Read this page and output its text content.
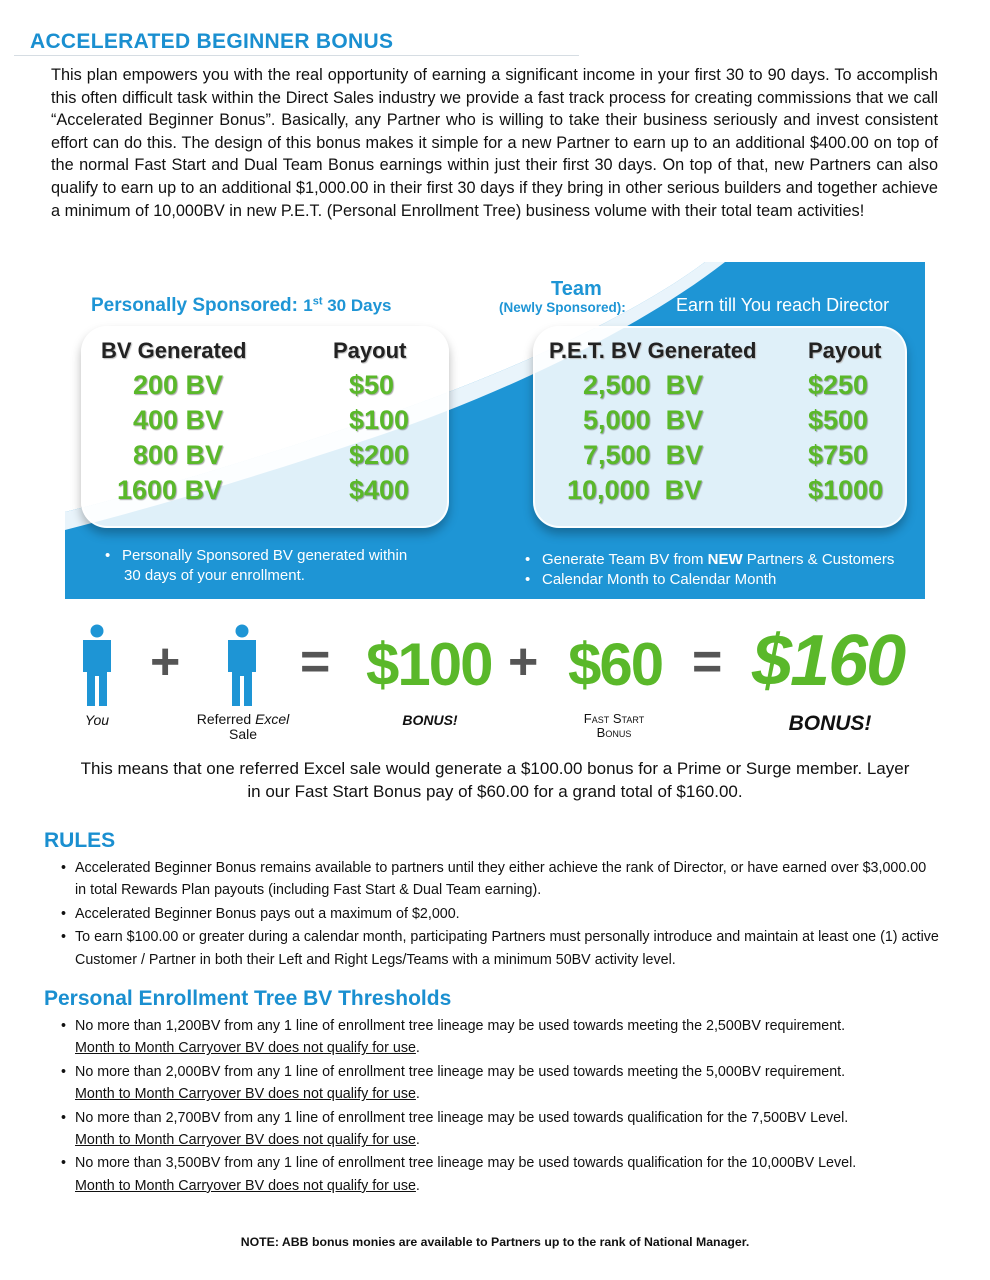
ACCELERATED BEGINNER BONUS

This plan empowers you with the real opportunity of earning a significant income in your first 30 to 90 days. To accomplish this often difficult task within the Direct Sales industry we provide a fast track process for creating commissions that we call “Accelerated Beginner Bonus”. Basically, any Partner who is willing to take their business seriously and invest consistent effort can do this. The design of this bonus makes it simple for a new Partner to earn up to an additional $400.00 on top of the normal Fast Start and Dual Team Bonus earnings within just their first 30 days. On top of that, new Partners can also qualify to earn up to an additional $1,000.00 in their first 30 days if they bring in other serious builders and together achieve a minimum of 10,000BV in new P.E.T. (Personal Enrollment Tree) business volume with their total team activities!

Personally Sponsored: 1st 30 Days
Team
(Newly Sponsored):	Earn till You reach Director
BV Generated	Payout
200 BV	$50
400 BV	$100
800 BV	$200
1600 BV	$400
P.E.T. BV Generated Payout
2,500  BV	$250
5,000  BV	$500
7,500  BV	$750
10,000  BV	$1000
• Personally Sponsored BV generated within
30 days of your enrollment.
• Generate Team BV from NEW Partners & Customers
• Calendar Month to Calendar Month
+ = $100 + $60 = $160
You	Referred Excel
Sale
BONUS!	Fast Start
Bonus	BONUS!

This means that one referred Excel sale would generate a $100.00 bonus for a Prime or Surge member. Layer in our Fast Start Bonus pay of $60.00 for a grand total of $160.00.

RULES
• Accelerated Beginner Bonus remains available to partners until they either achieve the rank of Director, or have earned over $3,000.00 in total Rewards Plan payouts (including Fast Start & Dual Team earning).
• Accelerated Beginner Bonus pays out a maximum of $2,000.
• To earn $100.00 or greater during a calendar month, participating Partners must personally introduce and maintain at least one (1) active Customer / Partner in both their Left and Right Legs/Teams with a minimum 50BV activity level.
Personal Enrollment Tree BV Thresholds
• No more than 1,200BV from any 1 line of enrollment tree lineage may be used towards meeting the 2,500BV requirement.
Month to Month Carryover BV does not qualify for use.
• No more than 2,000BV from any 1 line of enrollment tree lineage may be used towards meeting the 5,000BV requirement.
Month to Month Carryover BV does not qualify for use.
• No more than 2,700BV from any 1 line of enrollment tree lineage may be used towards qualification for the 7,500BV Level.
Month to Month Carryover BV does not qualify for use.
• No more than 3,500BV from any 1 line of enrollment tree lineage may be used towards qualification for the 10,000BV Level.
Month to Month Carryover BV does not qualify for use.

NOTE: ABB bonus monies are available to Partners up to the rank of National Manager.
